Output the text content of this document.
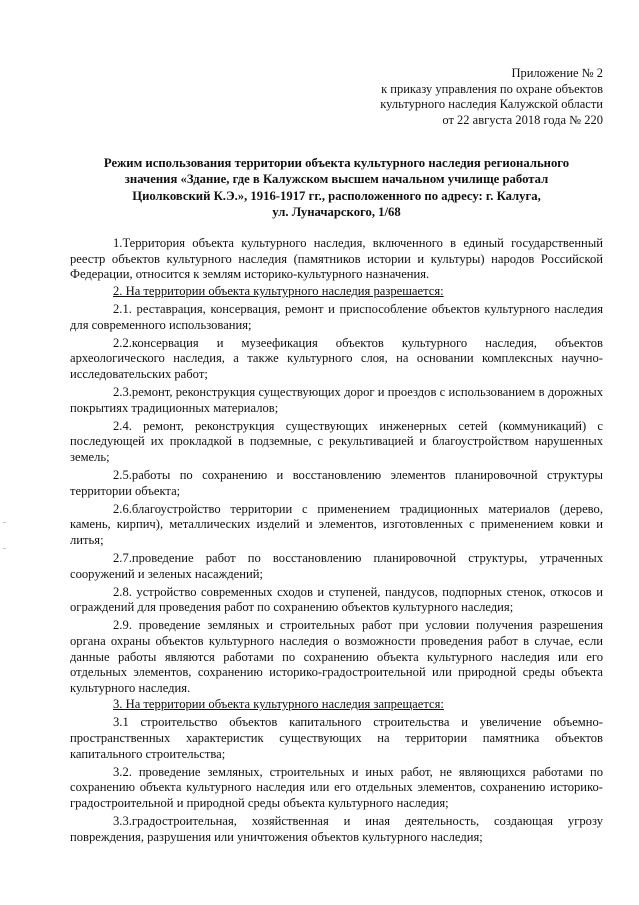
Приложение № 2
к приказу управления по охране объектов
культурного наследия Калужской области
от 22 августа 2018 года № 220
Режим использования территории объекта культурного наследия регионального
значения «Здание, где в Калужском высшем начальном училище работал
Циолковский К.Э.», 1916-1917 гг., расположенного по адресу: г. Калуга,
ул. Луначарского, 1/68

1.Территория объекта культурного наследия, включенного в единый государственный реестр объектов культурного наследия (памятников истории и культуры) народов Российской Федерации, относится к землям историко-культурного назначения.

2. На территории объекта культурного наследия разрешается:

2.1. реставрация, консервация, ремонт и приспособление объектов культурного наследия для современного использования;

2.2.консервация и музеефикация объектов культурного наследия, объектов археологического наследия, а также культурного слоя, на основании комплексных научно-исследовательских работ;

2.3.ремонт, реконструкция существующих дорог и проездов с использованием в дорожных покрытиях традиционных материалов;

2.4. ремонт, реконструкция существующих инженерных сетей (коммуникаций) с последующей их прокладкой в подземные, с рекультивацией и благоустройством нарушенных земель;

2.5.работы по сохранению и восстановлению элементов планировочной структуры территории объекта;

2.6.благоустройство территории с применением традиционных материалов (дерево, камень, кирпич), металлических изделий и элементов, изготовленных с применением ковки и литья;

2.7.проведение работ по восстановлению планировочной структуры, утраченных сооружений и зеленых насаждений;

2.8. устройство современных сходов и ступеней, пандусов, подпорных стенок, откосов и ограждений для проведения работ по сохранению объектов культурного наследия;

2.9. проведение земляных и строительных работ при условии получения разрешения органа охраны объектов культурного наследия о возможности проведения работ в случае, если данные работы являются работами по сохранению объекта культурного наследия или его отдельных элементов, сохранению историко-градостроительной или природной среды объекта культурного наследия.

3. На территории объекта культурного наследия запрещается:

3.1 строительство объектов капитального строительства и увеличение объемно-пространственных характеристик существующих на территории памятника объектов капитального строительства;

3.2. проведение земляных, строительных и иных работ, не являющихся работами по сохранению объекта культурного наследия или его отдельных элементов, сохранению историко-градостроительной и природной среды объекта культурного наследия;

3.3.градостроительная, хозяйственная и иная деятельность, создающая угрозу повреждения, разрушения или уничтожения объектов культурного наследия;
